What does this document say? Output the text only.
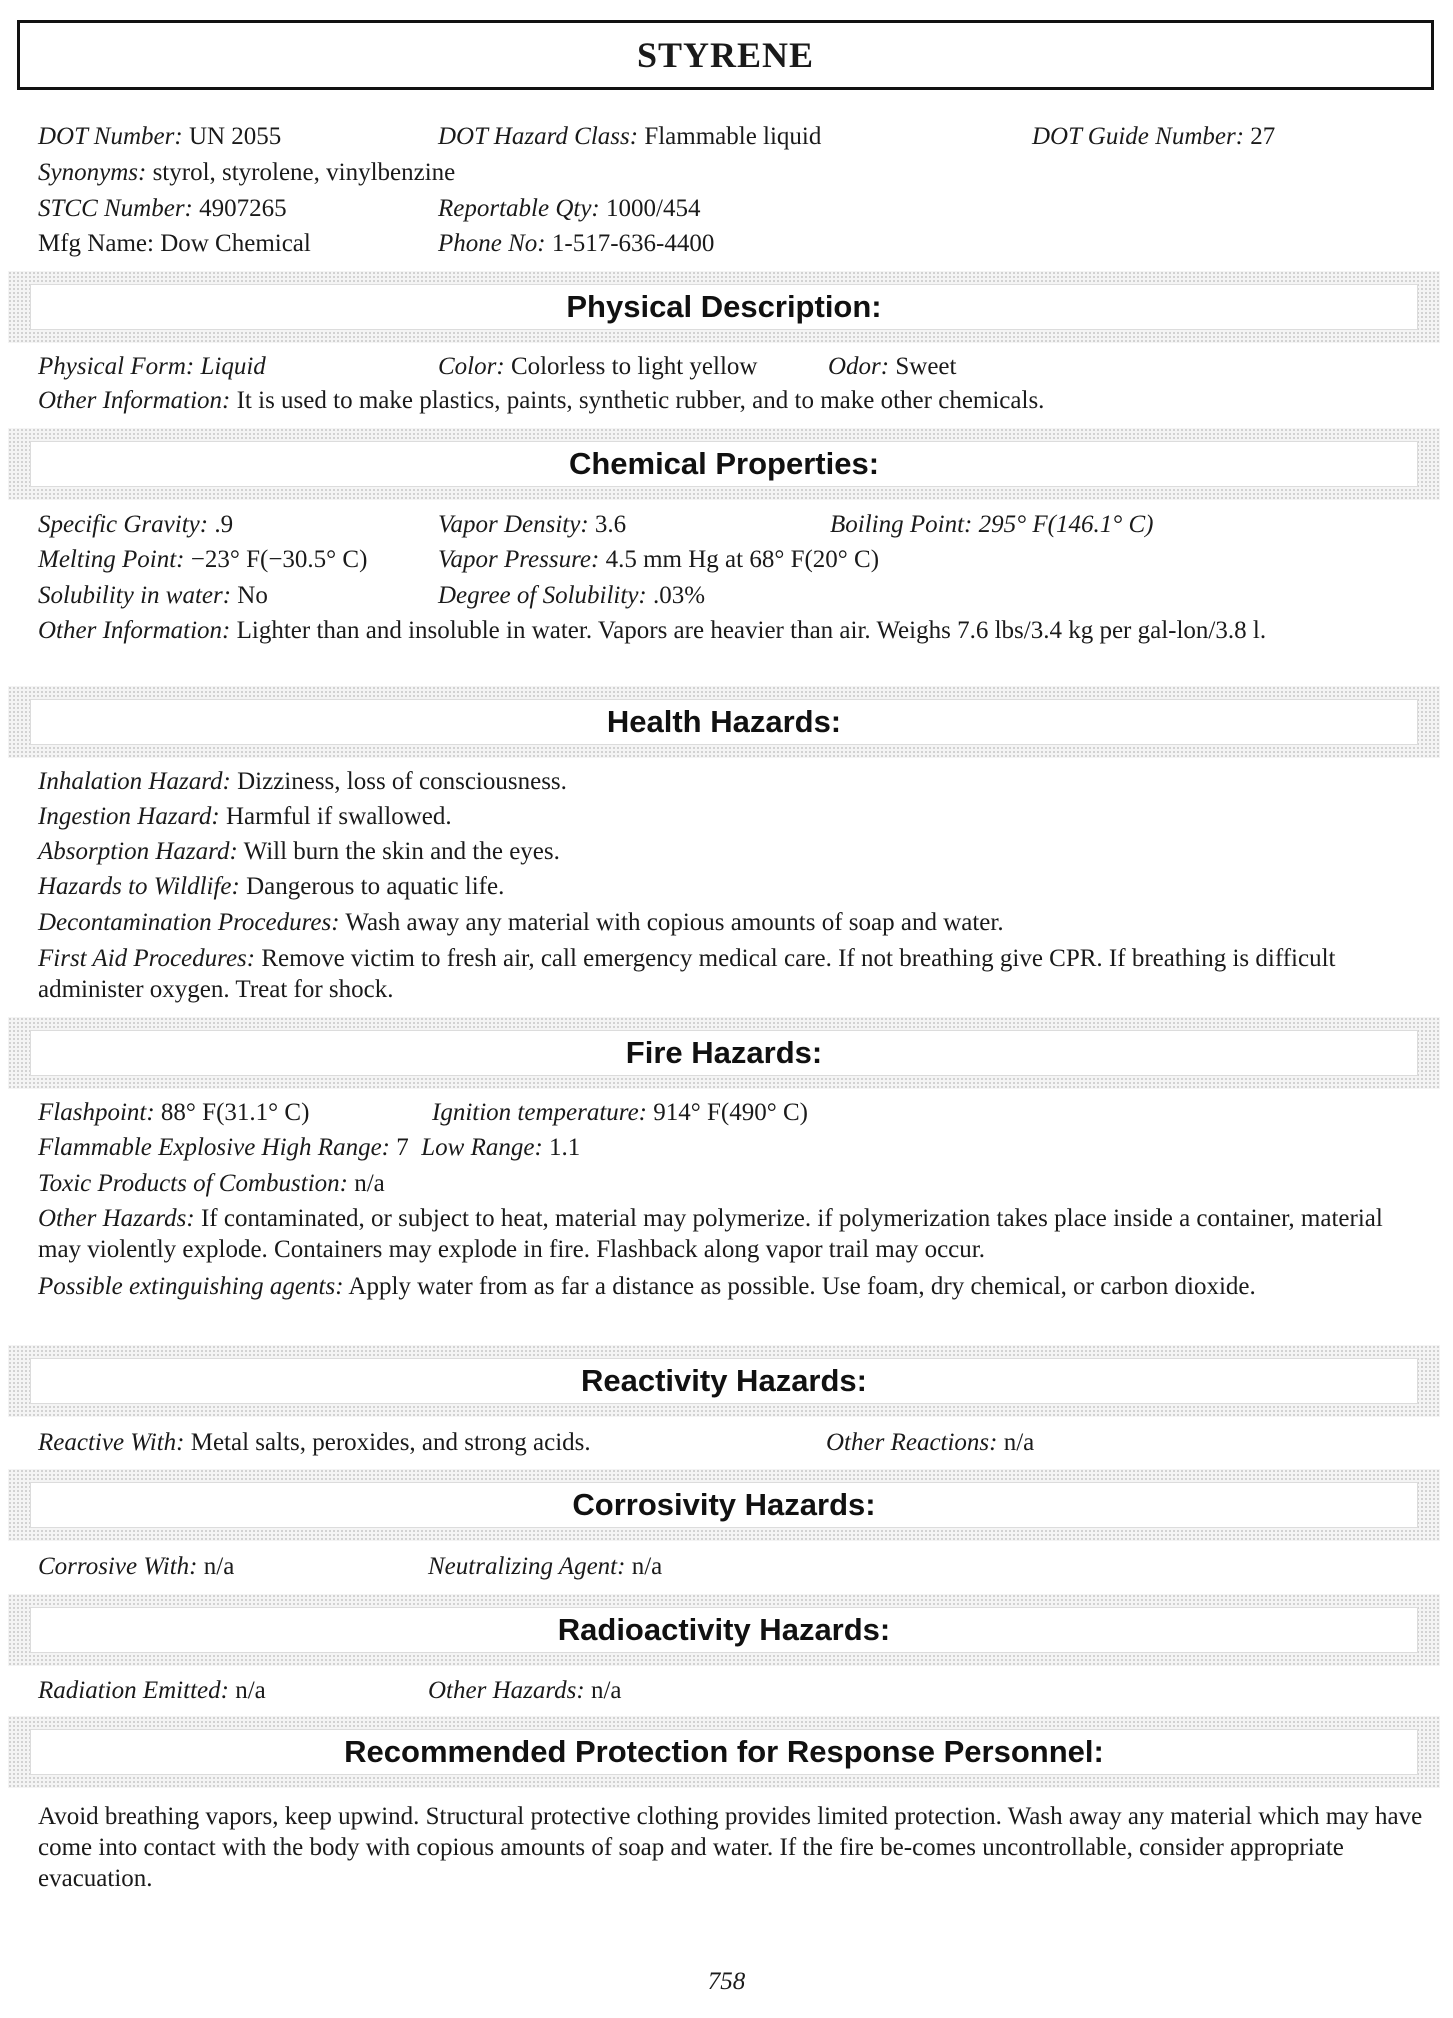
STYRENE
DOT Number: UN 2055	DOT Hazard Class: Flammable liquid	DOT Guide Number: 27
Synonyms: styrol, styrolene, vinylbenzine
STCC Number: 4907265	Reportable Qty: 1000/454
Mfg Name: Dow Chemical	Phone No: 1-517-636-4400
Physical Description:
Physical Form: Liquid	Color: Colorless to light yellow	Odor: Sweet
Other Information: It is used to make plastics, paints, synthetic rubber, and to make other chemicals.
Chemical Properties:
Specific Gravity: .9	Vapor Density: 3.6	Boiling Point: 295° F(146.1° C)
Melting Point: −23° F(−30.5° C)	Vapor Pressure: 4.5 mm Hg at 68° F(20° C)
Solubility in water: No	Degree of Solubility: .03%
Other Information: Lighter than and insoluble in water. Vapors are heavier than air. Weighs 7.6 lbs/3.4 kg per gal-lon/3.8 l.
Health Hazards:
Inhalation Hazard: Dizziness, loss of consciousness.
Ingestion Hazard: Harmful if swallowed.
Absorption Hazard: Will burn the skin and the eyes.
Hazards to Wildlife: Dangerous to aquatic life.
Decontamination Procedures: Wash away any material with copious amounts of soap and water.
First Aid Procedures: Remove victim to fresh air, call emergency medical care. If not breathing give CPR. If breathing is difficult administer oxygen. Treat for shock.
Fire Hazards:
Flashpoint: 88° F(31.1° C)	Ignition temperature: 914° F(490° C)
Flammable Explosive High Range: 7 Low Range: 1.1
Toxic Products of Combustion: n/a
Other Hazards: If contaminated, or subject to heat, material may polymerize. if polymerization takes place inside a container, material may violently explode. Containers may explode in fire. Flashback along vapor trail may occur.
Possible extinguishing agents: Apply water from as far a distance as possible. Use foam, dry chemical, or carbon dioxide.
Reactivity Hazards:
Reactive With: Metal salts, peroxides, and strong acids.	Other Reactions: n/a
Corrosivity Hazards:
Corrosive With: n/a	Neutralizing Agent: n/a
Radioactivity Hazards:
Radiation Emitted: n/a	Other Hazards: n/a
Recommended Protection for Response Personnel:
Avoid breathing vapors, keep upwind. Structural protective clothing provides limited protection. Wash away any material which may have come into contact with the body with copious amounts of soap and water. If the fire be-comes uncontrollable, consider appropriate evacuation.
758
